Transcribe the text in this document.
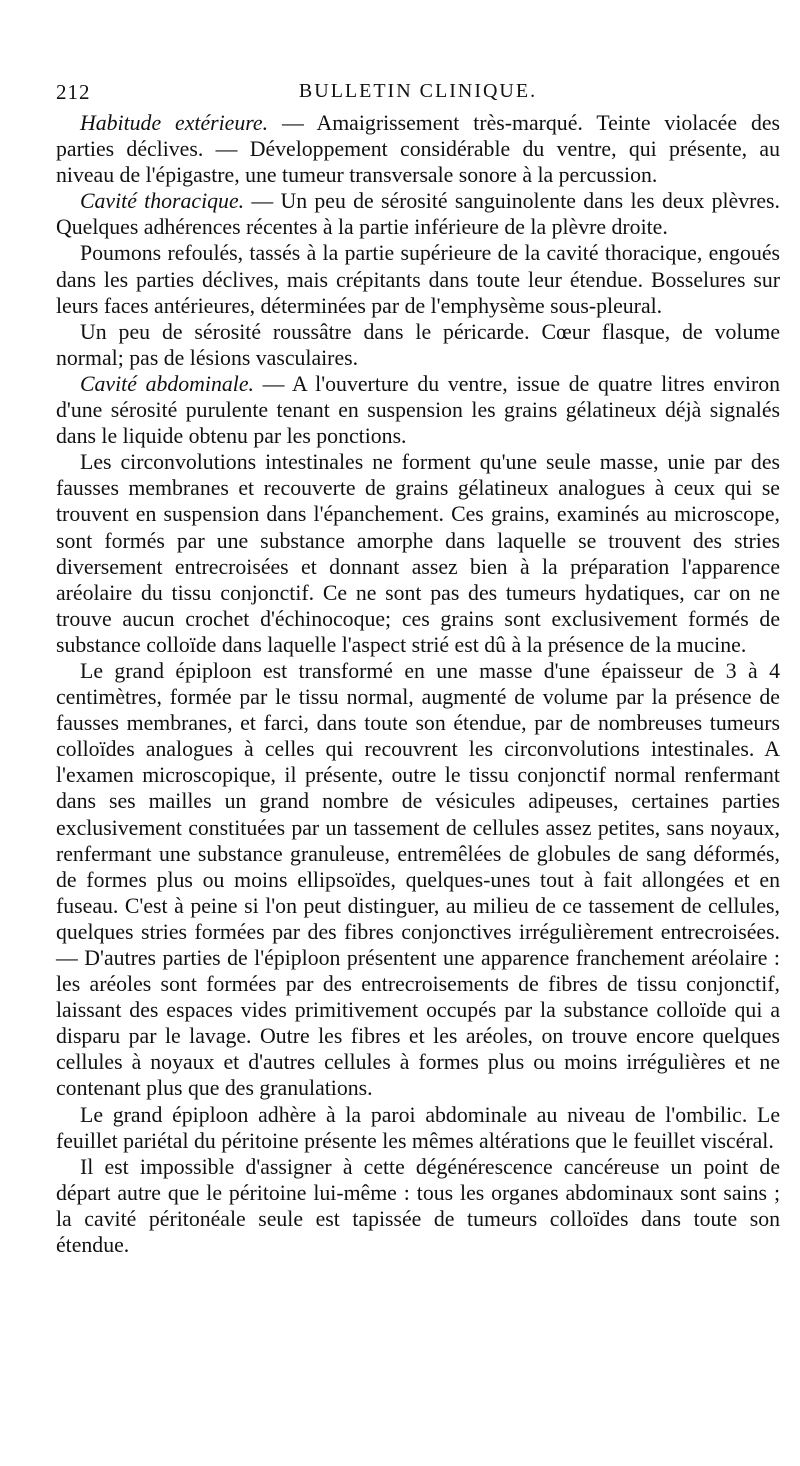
212	BULLETIN CLINIQUE.

Habitude extérieure. — Amaigrissement très-marqué. Teinte violacée des parties déclives. — Développement considérable du ventre, qui présente, au niveau de l'épigastre, une tumeur transversale sonore à la percussion.

Cavité thoracique. — Un peu de sérosité sanguinolente dans les deux plèvres. Quelques adhérences récentes à la partie inférieure de la plèvre droite.

Poumons refoulés, tassés à la partie supérieure de la cavité thoracique, engoués dans les parties déclives, mais crépitants dans toute leur étendue. Bosselures sur leurs faces antérieures, déterminées par de l'emphysème sous-pleural.

Un peu de sérosité roussâtre dans le péricarde. Cœur flasque, de volume normal; pas de lésions vasculaires.

Cavité abdominale. — A l'ouverture du ventre, issue de quatre litres environ d'une sérosité purulente tenant en suspension les grains gélatineux déjà signalés dans le liquide obtenu par les ponctions.

Les circonvolutions intestinales ne forment qu'une seule masse, unie par des fausses membranes et recouverte de grains gélatineux analogues à ceux qui se trouvent en suspension dans l'épanchement. Ces grains, examinés au microscope, sont formés par une substance amorphe dans laquelle se trouvent des stries diversement entrecroisées et donnant assez bien à la préparation l'apparence aréolaire du tissu conjonctif. Ce ne sont pas des tumeurs hydatiques, car on ne trouve aucun crochet d'échinocoque; ces grains sont exclusivement formés de substance colloïde dans laquelle l'aspect strié est dû à la présence de la mucine.

Le grand épiploon est transformé en une masse d'une épaisseur de 3 à 4 centimètres, formée par le tissu normal, augmenté de volume par la présence de fausses membranes, et farci, dans toute son étendue, par de nombreuses tumeurs colloïdes analogues à celles qui recouvrent les circonvolutions intestinales. A l'examen microscopique, il présente, outre le tissu conjonctif normal renfermant dans ses mailles un grand nombre de vésicules adipeuses, certaines parties exclusivement constituées par un tassement de cellules assez petites, sans noyaux, renfermant une substance granuleuse, entremêlées de globules de sang déformés, de formes plus ou moins ellipsoïdes, quelques-unes tout à fait allongées et en fuseau. C'est à peine si l'on peut distinguer, au milieu de ce tassement de cellules, quelques stries formées par des fibres conjonctives irrégulièrement entrecroisées. — D'autres parties de l'épiploon présentent une apparence franchement aréolaire : les aréoles sont formées par des entrecroisements de fibres de tissu conjonctif, laissant des espaces vides primitivement occupés par la substance colloïde qui a disparu par le lavage. Outre les fibres et les aréoles, on trouve encore quelques cellules à noyaux et d'autres cellules à formes plus ou moins irrégulières et ne contenant plus que des granulations.

Le grand épiploon adhère à la paroi abdominale au niveau de l'ombilic. Le feuillet pariétal du péritoine présente les mêmes altérations que le feuillet viscéral.

Il est impossible d'assigner à cette dégénérescence cancéreuse un point de départ autre que le péritoine lui-même : tous les organes abdominaux sont sains ; la cavité péritonéale seule est tapissée de tumeurs colloïdes dans toute son étendue.
